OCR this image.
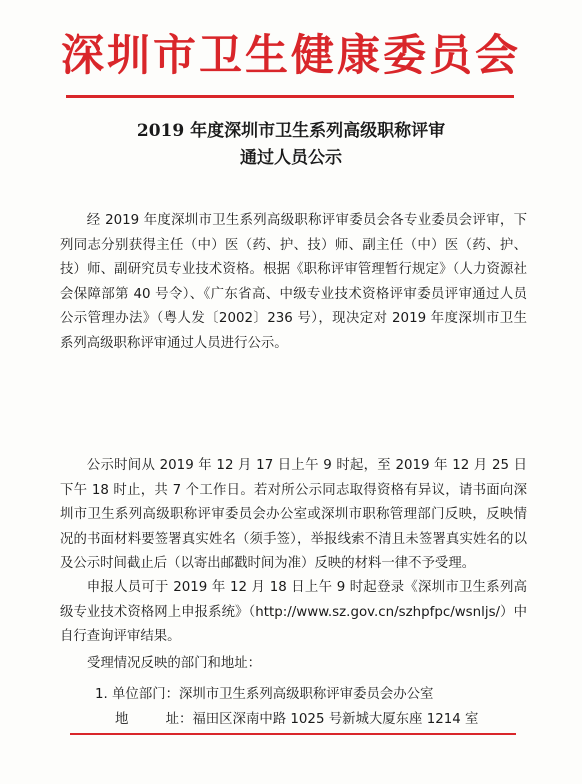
深圳市卫生健康委员会
2019 年度深圳市卫生系列高级职称评审
通过人员公示

经 2019 年度深圳市卫生系列高级职称评审委员会各专业委员会评审，下列同志分别获得主任（中）医（药、护、技）师、副主任（中）医（药、护、技）师、副研究员专业技术资格。根据《职称评审管理暂行规定》（人力资源社会保障部第 40 号令）、《广东省高、中级专业技术资格评审委员评审通过人员公示管理办法》（粤人发〔2002〕236 号），现决定对 2019 年度深圳市卫生系列高级职称评审通过人员进行公示。

公示时间从 2019 年 12 月 17 日上午 9 时起，至 2019 年 12 月 25 日下午 18 时止，共 7 个工作日。若对所公示同志取得资格有异议，请书面向深圳市卫生系列高级职称评审委员会办公室或深圳市职称管理部门反映，反映情况的书面材料要签署真实姓名（须手签），举报线索不清且未签署真实姓名的以及公示时间截止后（以寄出邮戳时间为准）反映的材料一律不予受理。

申报人员可于 2019 年 12 月 18 日上午 9 时起登录《深圳市卫生系列高级专业技术资格网上申报系统》（http://www.sz.gov.cn/szhpfpc/wsnljs/）中自行查询评审结果。

受理情况反映的部门和地址：
1. 单位部门：深圳市卫生系列高级职称评审委员会办公室
地　址：福田区深南中路 1025 号新城大厦东座 1214 室
